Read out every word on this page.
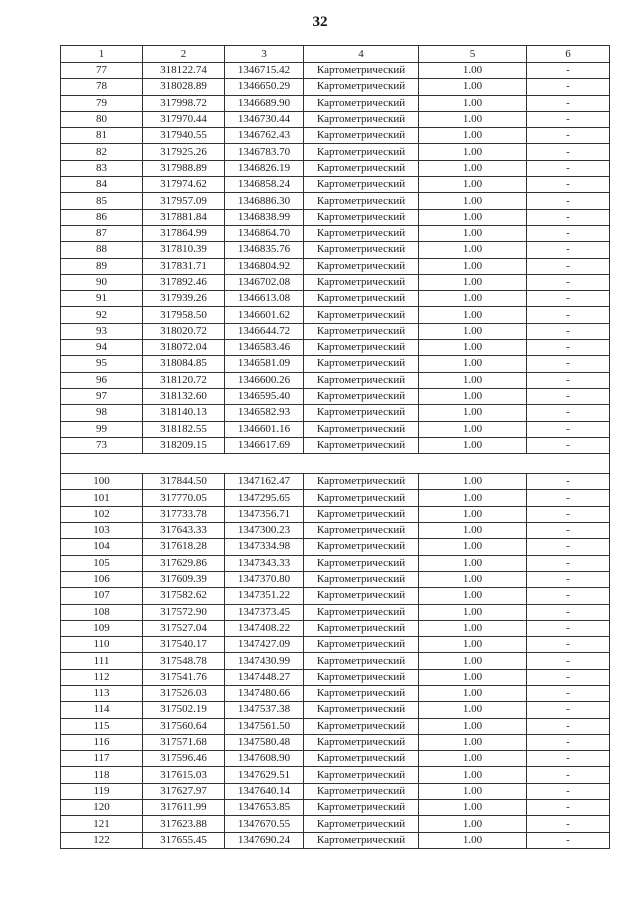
32
1	2	3	4	5	6
77	318122.74	1346715.42	Картометрический	1.00	-
78	318028.89	1346650.29	Картометрический	1.00	-
79	317998.72	1346689.90	Картометрический	1.00	-
80	317970.44	1346730.44	Картометрический	1.00	-
81	317940.55	1346762.43	Картометрический	1.00	-
82	317925.26	1346783.70	Картометрический	1.00	-
83	317988.89	1346826.19	Картометрический	1.00	-
84	317974.62	1346858.24	Картометрический	1.00	-
85	317957.09	1346886.30	Картометрический	1.00	-
86	317881.84	1346838.99	Картометрический	1.00	-
87	317864.99	1346864.70	Картометрический	1.00	-
88	317810.39	1346835.76	Картометрический	1.00	-
89	317831.71	1346804.92	Картометрический	1.00	-
90	317892.46	1346702.08	Картометрический	1.00	-
91	317939.26	1346613.08	Картометрический	1.00	-
92	317958.50	1346601.62	Картометрический	1.00	-
93	318020.72	1346644.72	Картометрический	1.00	-
94	318072.04	1346583.46	Картометрический	1.00	-
95	318084.85	1346581.09	Картометрический	1.00	-
96	318120.72	1346600.26	Картометрический	1.00	-
97	318132.60	1346595.40	Картометрический	1.00	-
98	318140.13	1346582.93	Картометрический	1.00	-
99	318182.55	1346601.16	Картометрический	1.00	-
73	318209.15	1346617.69	Картометрический	1.00	-

100	317844.50	1347162.47	Картометрический	1.00	-
101	317770.05	1347295.65	Картометрический	1.00	-
102	317733.78	1347356.71	Картометрический	1.00	-
103	317643.33	1347300.23	Картометрический	1.00	-
104	317618.28	1347334.98	Картометрический	1.00	-
105	317629.86	1347343.33	Картометрический	1.00	-
106	317609.39	1347370.80	Картометрический	1.00	-
107	317582.62	1347351.22	Картометрический	1.00	-
108	317572.90	1347373.45	Картометрический	1.00	-
109	317527.04	1347408.22	Картометрический	1.00	-
110	317540.17	1347427.09	Картометрический	1.00	-
111	317548.78	1347430.99	Картометрический	1.00	-
112	317541.76	1347448.27	Картометрический	1.00	-
113	317526.03	1347480.66	Картометрический	1.00	-
114	317502.19	1347537.38	Картометрический	1.00	-
115	317560.64	1347561.50	Картометрический	1.00	-
116	317571.68	1347580.48	Картометрический	1.00	-
117	317596.46	1347608.90	Картометрический	1.00	-
118	317615.03	1347629.51	Картометрический	1.00	-
119	317627.97	1347640.14	Картометрический	1.00	-
120	317611.99	1347653.85	Картометрический	1.00	-
121	317623.88	1347670.55	Картометрический	1.00	-
122	317655.45	1347690.24	Картометрический	1.00	-
